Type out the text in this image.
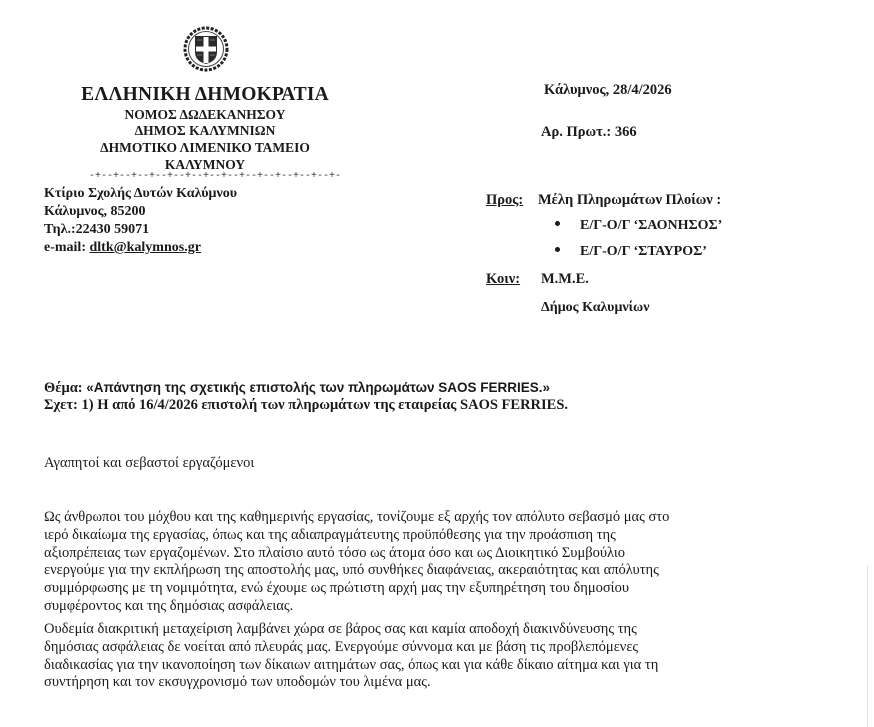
ΕΛΛΗΝΙΚΗ ΔΗΜΟΚΡΑΤΙΑ
ΝΟΜΟΣ ΔΩΔΕΚΑΝΗΣΟΥ
ΔΗΜΟΣ ΚΑΛΥΜΝΙΩΝ
ΔΗΜΟΤΙΚΟ ΛΙΜΕΝΙΚΟ ΤΑΜΕΙΟ
ΚΑΛΥΜΝΟΥ
-+--+--+--+--+--+--+--+--+--+--+--+--+--+-
Κτίριο Σχολής Δυτών Καλύμνου
Κάλυμνος, 85200
Τηλ.:22430 59071
e-mail: dltk@kalymnos.gr
Κάλυμνος, 28/4/2026
Αρ. Πρωτ.: 366
Προς: Μέλη Πληρωμάτων Πλοίων :
Ε/Γ-Ο/Γ ‘ΣΑΟΝΗΣΟΣ’
Ε/Γ-Ο/Γ ‘ΣΤΑΥΡΟΣ’
Κοιν: Μ.Μ.Ε.
Δήμος Καλυμνίων
Θέμα: «Απάντηση της σχετικής επιστολής των πληρωμάτων SAOS FERRIES.»
Σχετ: 1) Η από 16/4/2026 επιστολή των πληρωμάτων της εταιρείας SAOS FERRIES.
Αγαπητοί και σεβαστοί εργαζόμενοι
Ως άνθρωποι του μόχθου και της καθημερινής εργασίας, τονίζουμε εξ αρχής τον απόλυτο σεβασμό μας στο
ιερό δικαίωμα της εργασίας, όπως και της αδιαπραγμάτευτης προϋπόθεσης για την προάσπιση της
αξιοπρέπειας των εργαζομένων. Στο πλαίσιο αυτό τόσο ως άτομα όσο και ως Διοικητικό Συμβούλιο
ενεργούμε για την εκπλήρωση της αποστολής μας, υπό συνθήκες διαφάνειας, ακεραιότητας και απόλυτης
συμμόρφωσης με τη νομιμότητα, ενώ έχουμε ως πρώτιστη αρχή μας την εξυπηρέτηση του δημοσίου
συμφέροντος και της δημόσιας ασφάλειας.
Ουδεμία διακριτική μεταχείριση λαμβάνει χώρα σε βάρος σας και καμία αποδοχή διακινδύνευσης της
δημόσιας ασφάλειας δε νοείται από πλευράς μας. Ενεργούμε σύννομα και με βάση τις προβλεπόμενες
διαδικασίας για την ικανοποίηση των δίκαιων αιτημάτων σας, όπως και για κάθε δίκαιο αίτημα και για τη
συντήρηση και τον εκσυγχρονισμό των υποδομών του λιμένα μας.
